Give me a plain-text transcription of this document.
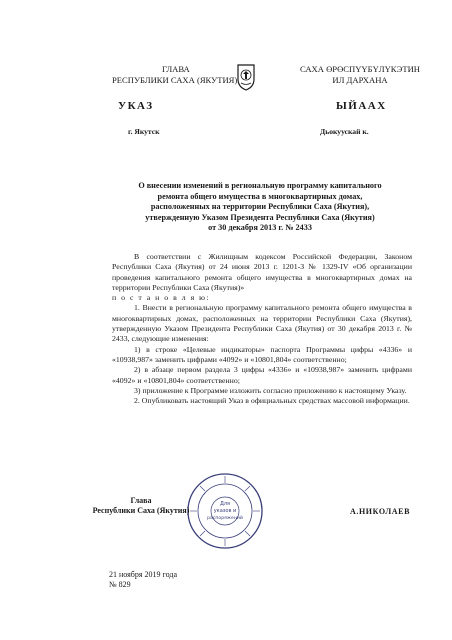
ГЛАВА
РЕСПУБЛИКИ САХА (ЯКУТИЯ)
САХА ӨРӨСПҮҮБҮЛҮКЭТИН
ИЛ ДАРХАНА
УКАЗ	ЫЙААХ
г. Якутск	Дьокуускай к.
О внесении изменений в региональную программу капитального
ремонта общего имущества в многоквартирных домах,
расположенных на территории Республики Саха (Якутия),
утвержденную Указом Президента Республики Саха (Якутия)
от 30 декабря 2013 г. № 2433

В соответствии с Жилищным кодексом Российской Федерации, Законом Республики Саха (Якутия) от 24 июня 2013 г. 1201-З № 1329-IV «Об организации проведения капитального ремонта общего имущества в многоквартирных домах на территории Республики Саха (Якутия)»

п о с т а н о в л я ю:

1. Внести в региональную программу капитального ремонта общего имущества в многоквартирных домах, расположенных на территории Республики Саха (Якутия), утвержденную Указом Президента Республики Саха (Якутия) от 30 декабря 2013 г. № 2433, следующие изменения:

1) в строке «Целевые индикаторы» паспорта Программы цифры «4336» и «10938,987» заменить цифрами «4092» и «10801,804» соответственно;

2) в абзаце первом раздела 3 цифры «4336» и «10938,987» заменить цифрами «4092» и «10801,804» соответственно;

3) приложение к Программе изложить согласно приложению к настоящему Указу.

2. Опубликовать настоящий Указ в официальных средствах массовой информации.

Для
указов и
распоряжений
Глава
Республики Саха (Якутия)	А.НИКОЛАЕВ
21 ноября 2019 года
№ 829
